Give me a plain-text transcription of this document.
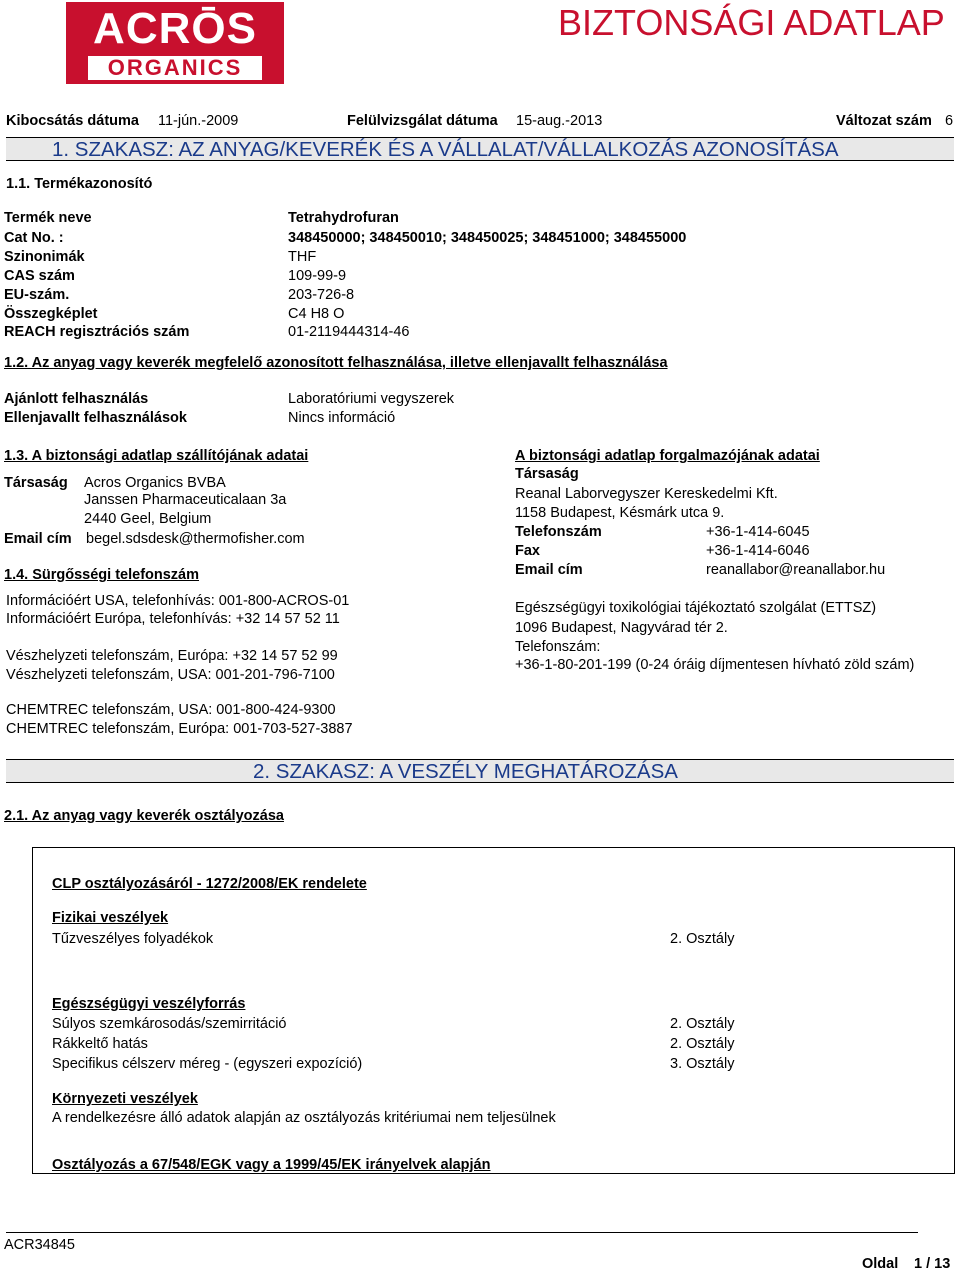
ACRŌS
ORGANICS
BIZTONSÁGI ADATLAP
Kibocsátás dátuma 11-jún.-2009	Felülvizsgálat dátuma 15-aug.-2013	Változat szám 6
1. SZAKASZ: AZ ANYAG/KEVERÉK ÉS A VÁLLALAT/VÁLLALKOZÁS AZONOSÍTÁSA
1.1. Termékazonosító
Termék neve	Tetrahydrofuran
Cat No. :	348450000; 348450010; 348450025; 348451000; 348455000
Szinonimák	THF
CAS szám	109-99-9
EU-szám.	203-726-8
Összegképlet	C4 H8 O
REACH regisztrációs szám	01-2119444314-46
1.2. Az anyag vagy keverék megfelelő azonosított felhasználása, illetve ellenjavallt felhasználása
Ajánlott felhasználás	Laboratóriumi vegyszerek
Ellenjavallt felhasználások	Nincs információ
1.3. A biztonsági adatlap szállítójának adatai
Társaság Acros Organics BVBA
Janssen Pharmaceuticalaan 3a
2440 Geel, Belgium
Email cím begel.sdsdesk@thermofisher.com
A biztonsági adatlap forgalmazójának adatai
Társaság
Reanal Laborvegyszer Kereskedelmi Kft.
1158 Budapest, Késmárk utca 9.
Telefonszám	+36-1-414-6045
Fax	+36-1-414-6046
Email cím	reanallabor@reanallabor.hu
Egészségügyi toxikológiai tájékoztató szolgálat (ETTSZ)
1096 Budapest, Nagyvárad tér 2.
Telefonszám:
+36-1-80-201-199 (0-24 óráig díjmentesen hívható zöld szám)
1.4. Sürgősségi telefonszám
Információért USA, telefonhívás: 001-800-ACROS-01
Információért Európa, telefonhívás: +32 14 57 52 11
Vészhelyzeti telefonszám, Európa: +32 14 57 52 99
Vészhelyzeti telefonszám, USA: 001-201-796-7100
CHEMTREC telefonszám, USA: 001-800-424-9300
CHEMTREC telefonszám, Európa: 001-703-527-3887
2. SZAKASZ: A VESZÉLY MEGHATÁROZÁSA
2.1. Az anyag vagy keverék osztályozása
CLP osztályozásáról - 1272/2008/EK rendelete
Fizikai veszélyek
Tűzveszélyes folyadékok	2. Osztály
Egészségügyi veszélyforrás
Súlyos szemkárosodás/szemirritáció	2. Osztály
Rákkeltő hatás	2. Osztály
Specifikus célszerv méreg - (egyszeri expozíció)	3. Osztály
Környezeti veszélyek
A rendelkezésre álló adatok alapján az osztályozás kritériumai nem teljesülnek
Osztályozás a 67/548/EGK vagy a 1999/45/EK irányelvek alapján
ACR34845
Oldal 1 / 13
